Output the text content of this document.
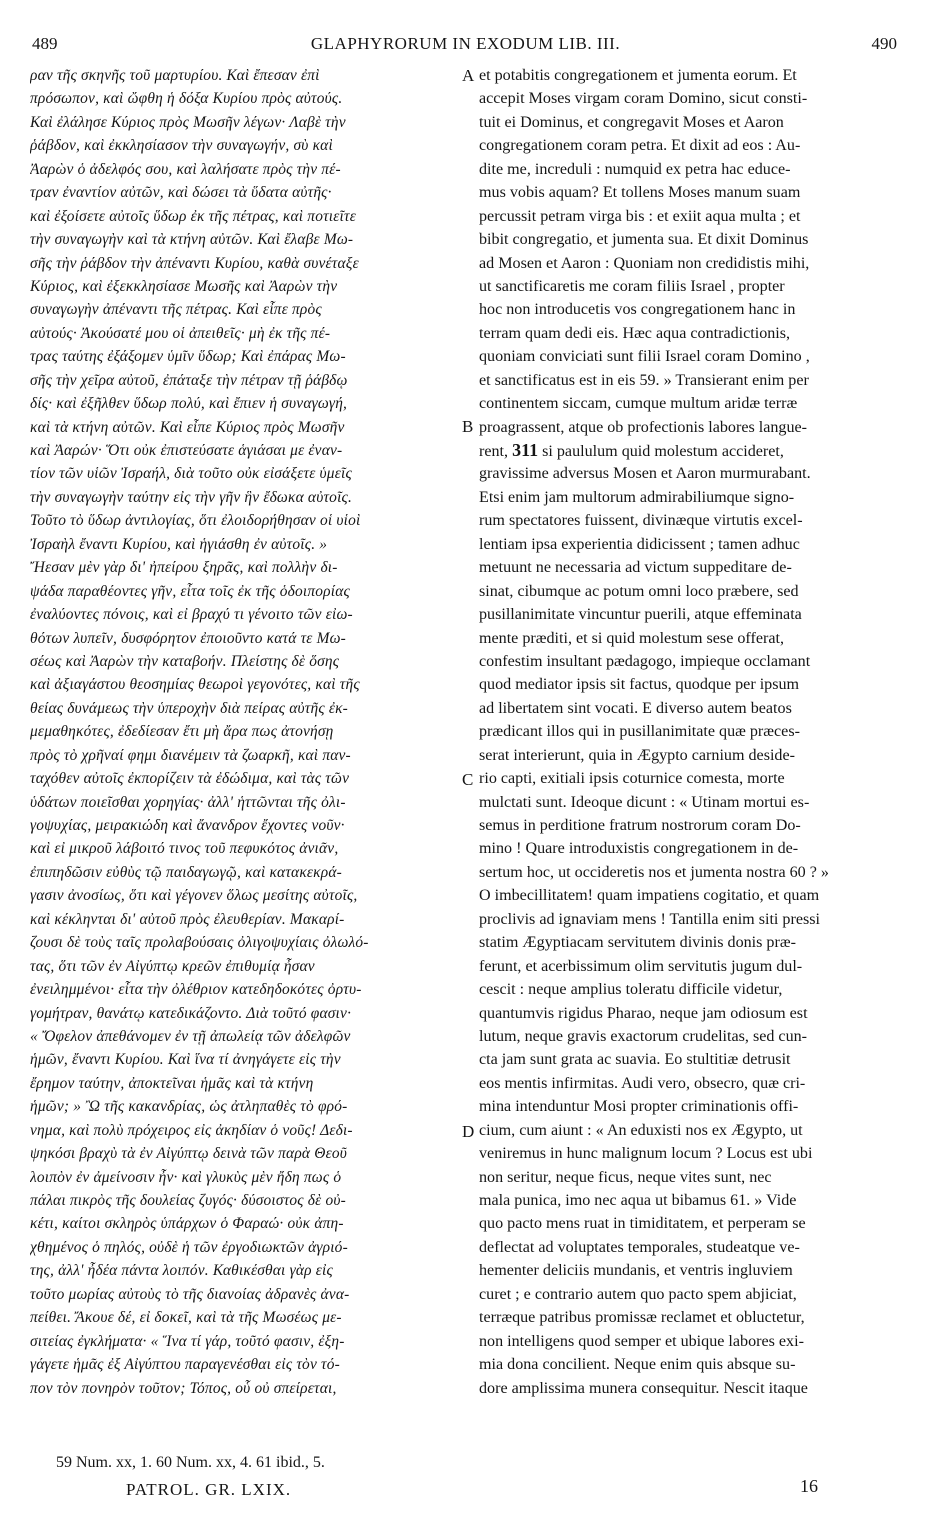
489	GLAPHYRORUM IN EXODUM LIB. III.	490
ραν τῆς σκηνῆς τοῦ μαρτυρίου. Καὶ ἔπεσαν ἐπὶ
πρόσωπον, καὶ ὤφθη ἡ δόξα Κυρίου πρὸς αὐτούς.
Καὶ ἐλάλησε Κύριος πρὸς Μωσῆν λέγων· Λαβὲ τὴν
ῥάβδον, καὶ ἐκκλησίασον τὴν συναγωγήν, σὺ καὶ
Ἀαρὼν ὁ ἀδελφός σου, καὶ λαλήσατε πρὸς τὴν πέ-
τραν ἐναντίον αὐτῶν, καὶ δώσει τὰ ὕδατα αὐτῆς·
καὶ ἐξοίσετε αὐτοῖς ὕδωρ ἐκ τῆς πέτρας, καὶ ποτιεῖτε
τὴν συναγωγὴν καὶ τὰ κτήνη αὐτῶν. Καὶ ἔλαβε Μω-
σῆς τὴν ῥάβδον τὴν ἀπέναντι Κυρίου, καθὰ συνέταξε
Κύριος, καὶ ἐξεκκλησίασε Μωσῆς καὶ Ἀαρὼν τὴν
συναγωγὴν ἀπέναντι τῆς πέτρας. Καὶ εἶπε πρὸς
αὐτούς· Ἀκούσατέ μου οἱ ἀπειθεῖς· μὴ ἐκ τῆς πέ-
τρας ταύτης ἐξάξομεν ὑμῖν ὕδωρ; Καὶ ἐπάρας Μω-
σῆς τὴν χεῖρα αὐτοῦ, ἐπάταξε τὴν πέτραν τῇ ῥάβδῳ
δίς· καὶ ἐξῆλθεν ὕδωρ πολύ, καὶ ἔπιεν ἡ συναγωγή,
καὶ τὰ κτήνη αὐτῶν. Καὶ εἶπε Κύριος πρὸς Μωσῆν
καὶ Ἀαρών· Ὅτι οὐκ ἐπιστεύσατε ἁγιάσαι με ἐναν-
τίον τῶν υἱῶν Ἰσραήλ, διὰ τοῦτο οὐκ εἰσάξετε ὑμεῖς
τὴν συναγωγὴν ταύτην εἰς τὴν γῆν ἣν ἔδωκα αὐτοῖς.
Τοῦτο τὸ ὕδωρ ἀντιλογίας, ὅτι ἐλοιδορήθησαν οἱ υἱοὶ
Ἰσραὴλ ἔναντι Κυρίου, καὶ ἡγιάσθη ἐν αὐτοῖς. »
Ἤεσαν μὲν γὰρ δι' ἠπείρου ξηρᾶς, καὶ πολλὴν δι-
ψάδα παραθέοντες γῆν, εἶτα τοῖς ἐκ τῆς ὁδοιπορίας
ἐναλύοντες πόνοις, καὶ εἰ βραχύ τι γένοιτο τῶν εἰω-
θότων λυπεῖν, δυσφόρητον ἐποιοῦντο κατά τε Μω-
σέως καὶ Ἀαρὼν τὴν καταβοήν. Πλείστης δὲ ὅσης
καὶ ἀξιαγάστου θεοσημίας θεωροὶ γεγονότες, καὶ τῆς
θείας δυνάμεως τὴν ὑπεροχὴν διὰ πείρας αὐτῆς ἐκ-
μεμαθηκότες, ἐδεδίεσαν ἔτι μὴ ἄρα πως ἀτονήσῃ
πρὸς τὸ χρῆναί φημι διανέμειν τὰ ζωαρκῆ, καὶ παν-
ταχόθεν αὐτοῖς ἐκπορίζειν τὰ ἐδώδιμα, καὶ τὰς τῶν
ὑδάτων ποιεῖσθαι χορηγίας· ἀλλ' ἡττῶνται τῆς ὀλι-
γοψυχίας, μειρακιώδη καὶ ἄνανδρον ἔχοντες νοῦν·
καὶ εἰ μικροῦ λάβοιτό τινος τοῦ πεφυκότος ἀνιᾶν,
ἐπιπηδῶσιν εὐθὺς τῷ παιδαγωγῷ, καὶ κατακεκρά-
γασιν ἀνοσίως, ὅτι καὶ γέγονεν ὅλως μεσίτης αὐτοῖς,
καὶ κέκληνται δι' αὐτοῦ πρὸς ἐλευθερίαν. Μακαρί-
ζουσι δὲ τοὺς ταῖς προλαβούσαις ὀλιγοψυχίαις ὀλωλό-
τας, ὅτι τῶν ἐν Αἰγύπτῳ κρεῶν ἐπιθυμίᾳ ἦσαν
ἐνειλημμένοι· εἶτα τὴν ὀλέθριον κατεδηδοκότες ὀρτυ-
γομήτραν, θανάτῳ κατεδικάζοντο. Διὰ τοῦτό φασιν·
« Ὄφελον ἀπεθάνομεν ἐν τῇ ἀπωλείᾳ τῶν ἀδελφῶν
ἡμῶν, ἔναντι Κυρίου. Καὶ ἵνα τί ἀνηγάγετε εἰς τὴν
ἔρημον ταύτην, ἀποκτεῖναι ἡμᾶς καὶ τὰ κτήνη
ἡμῶν; » Ὢ τῆς κακανδρίας, ὡς ἀτληπαθὲς τὸ φρό-
νημα, καὶ πολὺ πρόχειρος εἰς ἀκηδίαν ὁ νοῦς! Δεδι-
ψηκόσι βραχὺ τὰ ἐν Αἰγύπτῳ δεινὰ τῶν παρὰ Θεοῦ
λοιπὸν ἐν ἀμείνοσιν ἦν· καὶ γλυκὺς μὲν ἤδη πως ὁ
πάλαι πικρὸς τῆς δουλείας ζυγός· δύσοιστος δὲ οὐ-
κέτι, καίτοι σκληρὸς ὑπάρχων ὁ Φαραώ· οὐκ ἀπη-
χθημένος ὁ πηλός, οὐδὲ ἡ τῶν ἐργοδιωκτῶν ἀγριό-
της, ἀλλ' ἦδέα πάντα λοιπόν. Καθικέσθαι γὰρ εἰς
τοῦτο μωρίας αὐτοὺς τὸ τῆς διανοίας ἀδρανὲς ἀνα-
πείθει. Ἄκουε δέ, εἰ δοκεῖ, καὶ τὰ τῆς Μωσέως με-
σιτείας ἐγκλήματα· « Ἵνα τί γάρ, τοῦτό φασιν, ἐξη-
γάγετε ἡμᾶς ἐξ Αἰγύπτου παραγενέσθαι εἰς τὸν τό-
πον τὸν πονηρὸν τοῦτον; Τόπος, οὗ οὐ σπείρεται,
et potabitis congregationem et jumenta eorum. Et
accepit Moses virgam coram Domino, sicut consti-
tuit ei Dominus, et congregavit Moses et Aaron
congregationem coram petra. Et dixit ad eos : Au-
dite me, increduli : numquid ex petra hac educe-
mus vobis aquam? Et tollens Moses manum suam
percussit petram virga bis : et exiit aqua multa ; et
bibit congregatio, et jumenta sua. Et dixit Dominus
ad Mosen et Aaron : Quoniam non credidistis mihi,
ut sanctificaretis me coram filiis Israel , propter
hoc non introducetis vos congregationem hanc in
terram quam dedi eis. Hæc aqua contradictionis,
quoniam conviciati sunt filii Israel coram Domino ,
et sanctificatus est in eis 59. » Transierant enim per
continentem siccam, cumque multum aridæ terræ
proagrassent, atque ob profectionis labores langue-
rent, 311 si paululum quid molestum accideret,
gravissime adversus Mosen et Aaron murmurabant.
Etsi enim jam multorum admirabiliumque signo-
rum spectatores fuissent, divinæque virtutis excel-
lentiam ipsa experientia didicissent ; tamen adhuc
metuunt ne necessaria ad victum suppeditare de-
sinat, cibumque ac potum omni loco præbere, sed
pusillanimitate vincuntur puerili, atque effeminata
mente præditi, et si quid molestum sese offerat,
confestim insultant pædagogo, impieque occlamant
quod mediator ipsis sit factus, quodque per ipsum
ad libertatem sint vocati. E diverso autem beatos
prædicant illos qui in pusillanimitate quæ præces-
serat interierunt, quia in Ægypto carnium deside-
rio capti, exitiali ipsis coturnice comesta, morte
mulctati sunt. Ideoque dicunt : « Utinam mortui es-
semus in perditione fratrum nostrorum coram Do-
mino ! Quare introduxistis congregationem in de-
sertum hoc, ut occideretis nos et jumenta nostra 60 ? »
O imbecillitatem! quam impatiens cogitatio, et quam
proclivis ad ignaviam mens ! Tantilla enim siti pressi
statim Ægyptiacam servitutem divinis donis præ-
ferunt, et acerbissimum olim servitutis jugum dul-
cescit : neque amplius toleratu difficile videtur,
quantumvis rigidus Pharao, neque jam odiosum est
lutum, neque gravis exactorum crudelitas, sed cun-
cta jam sunt grata ac suavia. Eo stultitiæ detrusit
eos mentis infirmitas. Audi vero, obsecro, quæ cri-
mina intenduntur Mosi propter criminationis offi-
cium, cum aiunt : « An eduxisti nos ex Ægypto, ut
veniremus in hunc malignum locum ? Locus est ubi
non seritur, neque ficus, neque vites sunt, nec
mala punica, imo nec aqua ut bibamus 61. » Vide
quo pacto mens ruat in timiditatem, et perperam se
deflectat ad voluptates temporales, studeatque ve-
hementer deliciis mundanis, et ventris ingluviem
curet ; e contrario autem quo pacto spem abjiciat,
terræque patribus promissæ reclamet et obluctetur,
non intelligens quod semper et ubique labores exi-
mia dona concilient. Neque enim quis absque su-
dore amplissima munera consequitur. Nescit itaque
A
B
C
D
59 Num. xx, 1. 60 Num. xx, 4. 61 ibid., 5.
PATROL. GR. LXIX.	16
